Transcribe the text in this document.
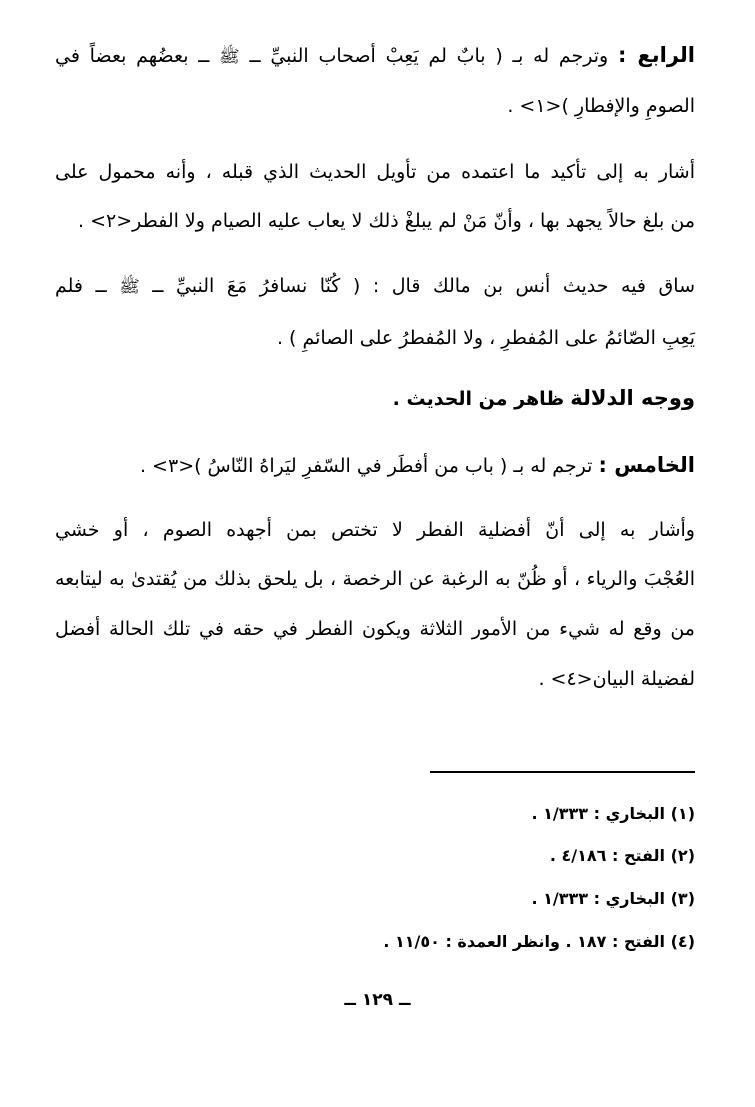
الرابع : وترجم له بـ ( بابٌ لم يَعِبْ أصحاب النبيِّ ــ ﷺ ــ بعضُهم بعضاً في
الصومِ والإفطارِ )<١> .
أشار به إلى تأكيد ما اعتمده من تأويل الحديث الذي قبله ، وأنه محمول على
من بلغ حالاً يجهد بها ، وأنّ مَنْ لم يبلغْ ذلك لا يعاب عليه الصيام ولا الفطر<٢> .
ساق فيه حديث أنس بن مالك قال : ( كُنّا نسافرُ مَعَ النبيِّ ــ ﷺ ــ فلم
يَعِبِ الصّائمُ على المُفطرِ ، ولا المُفطرُ على الصائمِ ) .
ووجه الدلالة ظاهر من الحديث .
الخامس : ترجم له بـ ( باب من أفطَر في السّفرِ ليَراهُ النّاسُ )<٣> .
وأشار به إلى أنّ أفضلية الفطر لا تختص بمن أجهده الصوم ، أو خشي
العُجْبَ والرياء ، أو ظُنّ به الرغبة عن الرخصة ، بل يلحق بذلك من يُقتدىٰ به ليتابعه
من وقع له شيء من الأمور الثلاثة ويكون الفطر في حقه في تلك الحالة أفضل
لفضيلة البيان<٤> .
(١) البخاري : ١/٣٣٣ .
(٢) الفتح : ٤/١٨٦ .
(٣) البخاري : ١/٣٣٣ .
(٤) الفتح : ١٨٧ . وانظر العمدة : ١١/٥٠ .
ــ ١٢٩ ــ
